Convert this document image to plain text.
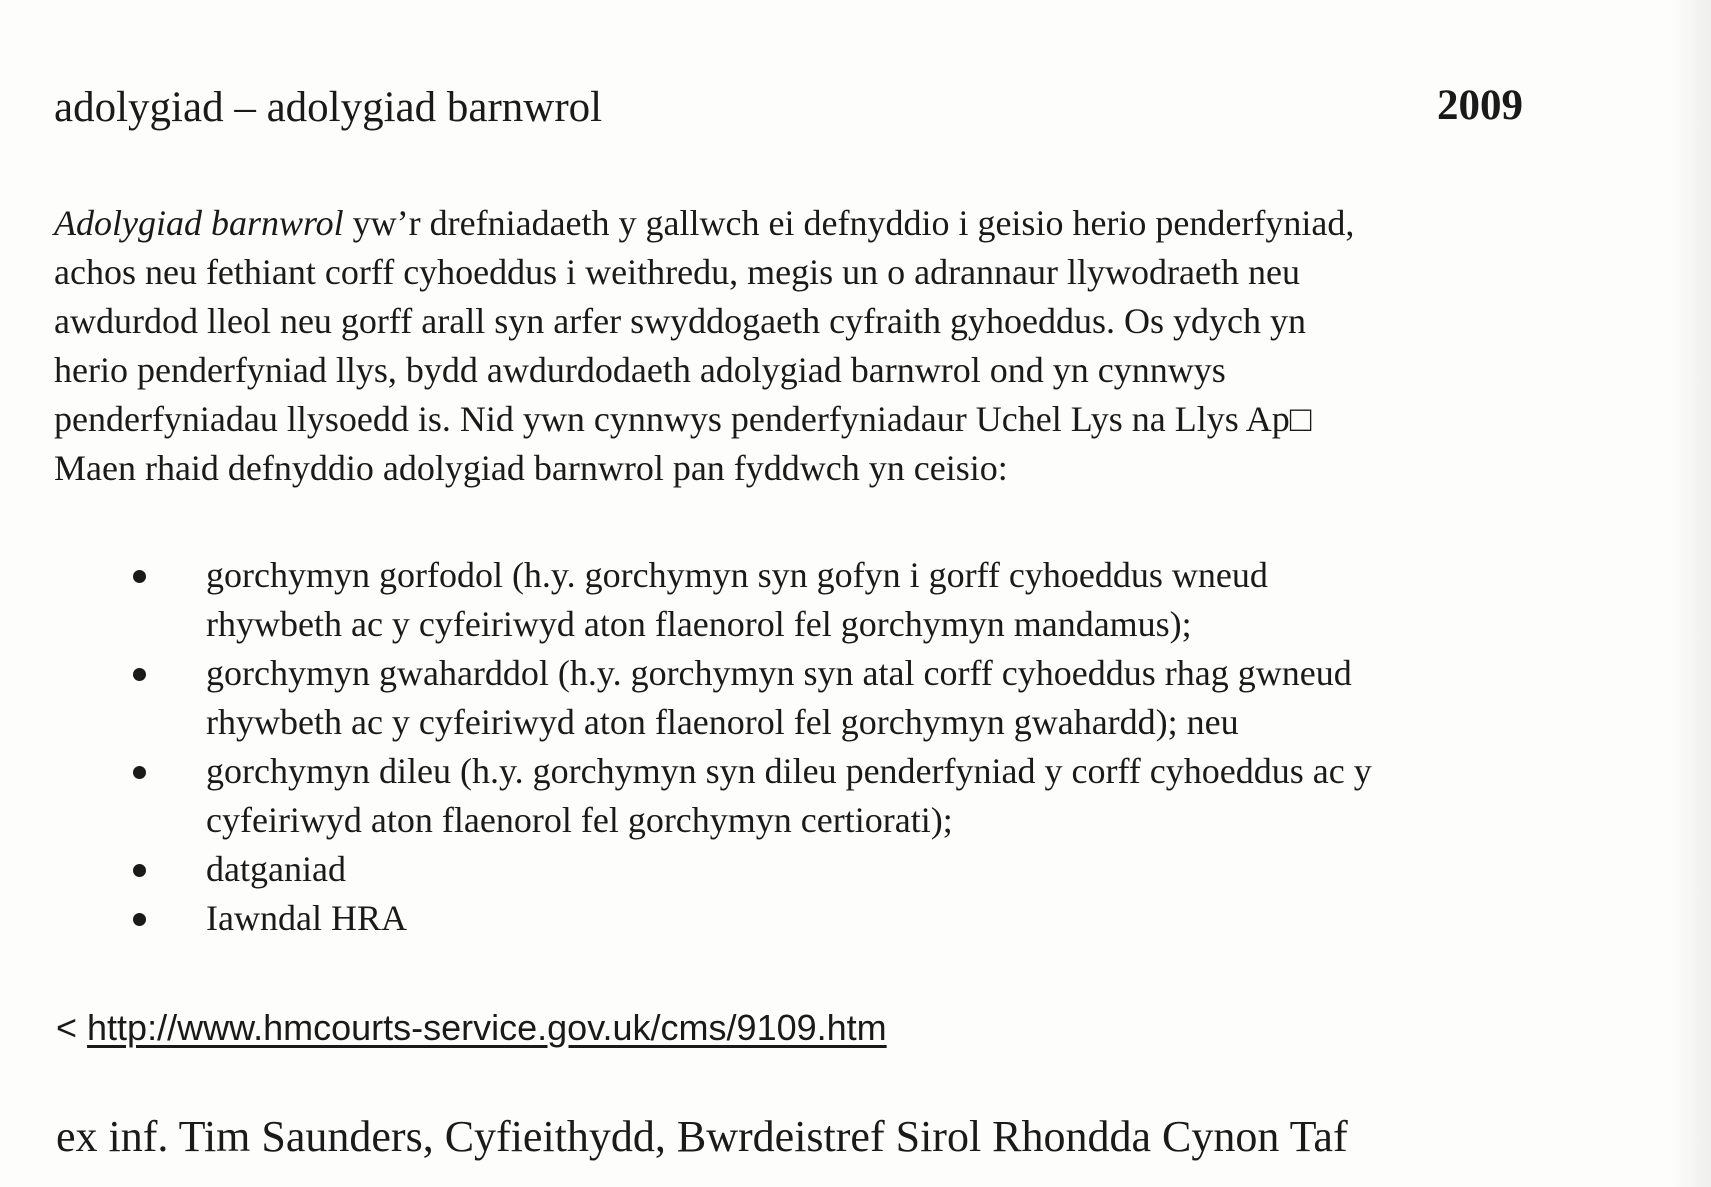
adolygiad – adolygiad barnwrol	2009
Adolygiad barnwrol yw’r drefniadaeth y gallwch ei defnyddio i geisio herio penderfyniad,
achos neu fethiant corff cyhoeddus i weithredu, megis un o adrannaur llywodraeth neu
awdurdod lleol neu gorff arall syn arfer swyddogaeth cyfraith gyhoeddus. Os ydych yn
herio penderfyniad llys, bydd awdurdodaeth adolygiad barnwrol ond yn cynnwys
penderfyniadau llysoedd is. Nid ywn cynnwys penderfyniadaur Uchel Lys na Llys Ap□
Maen rhaid defnyddio adolygiad barnwrol pan fyddwch yn ceisio:
gorchymyn gorfodol (h.y. gorchymyn syn gofyn i gorff cyhoeddus wneud
rhywbeth ac y cyfeiriwyd aton flaenorol fel gorchymyn mandamus);
gorchymyn gwaharddol (h.y. gorchymyn syn atal corff cyhoeddus rhag gwneud
rhywbeth ac y cyfeiriwyd aton flaenorol fel gorchymyn gwahardd); neu
gorchymyn dileu (h.y. gorchymyn syn dileu penderfyniad y corff cyhoeddus ac y
cyfeiriwyd aton flaenorol fel gorchymyn certiorati);
datganiad
Iawndal HRA
< http://www.hmcourts-service.gov.uk/cms/9109.htm
ex inf. Tim Saunders, Cyfieithydd, Bwrdeistref Sirol Rhondda Cynon Taf
